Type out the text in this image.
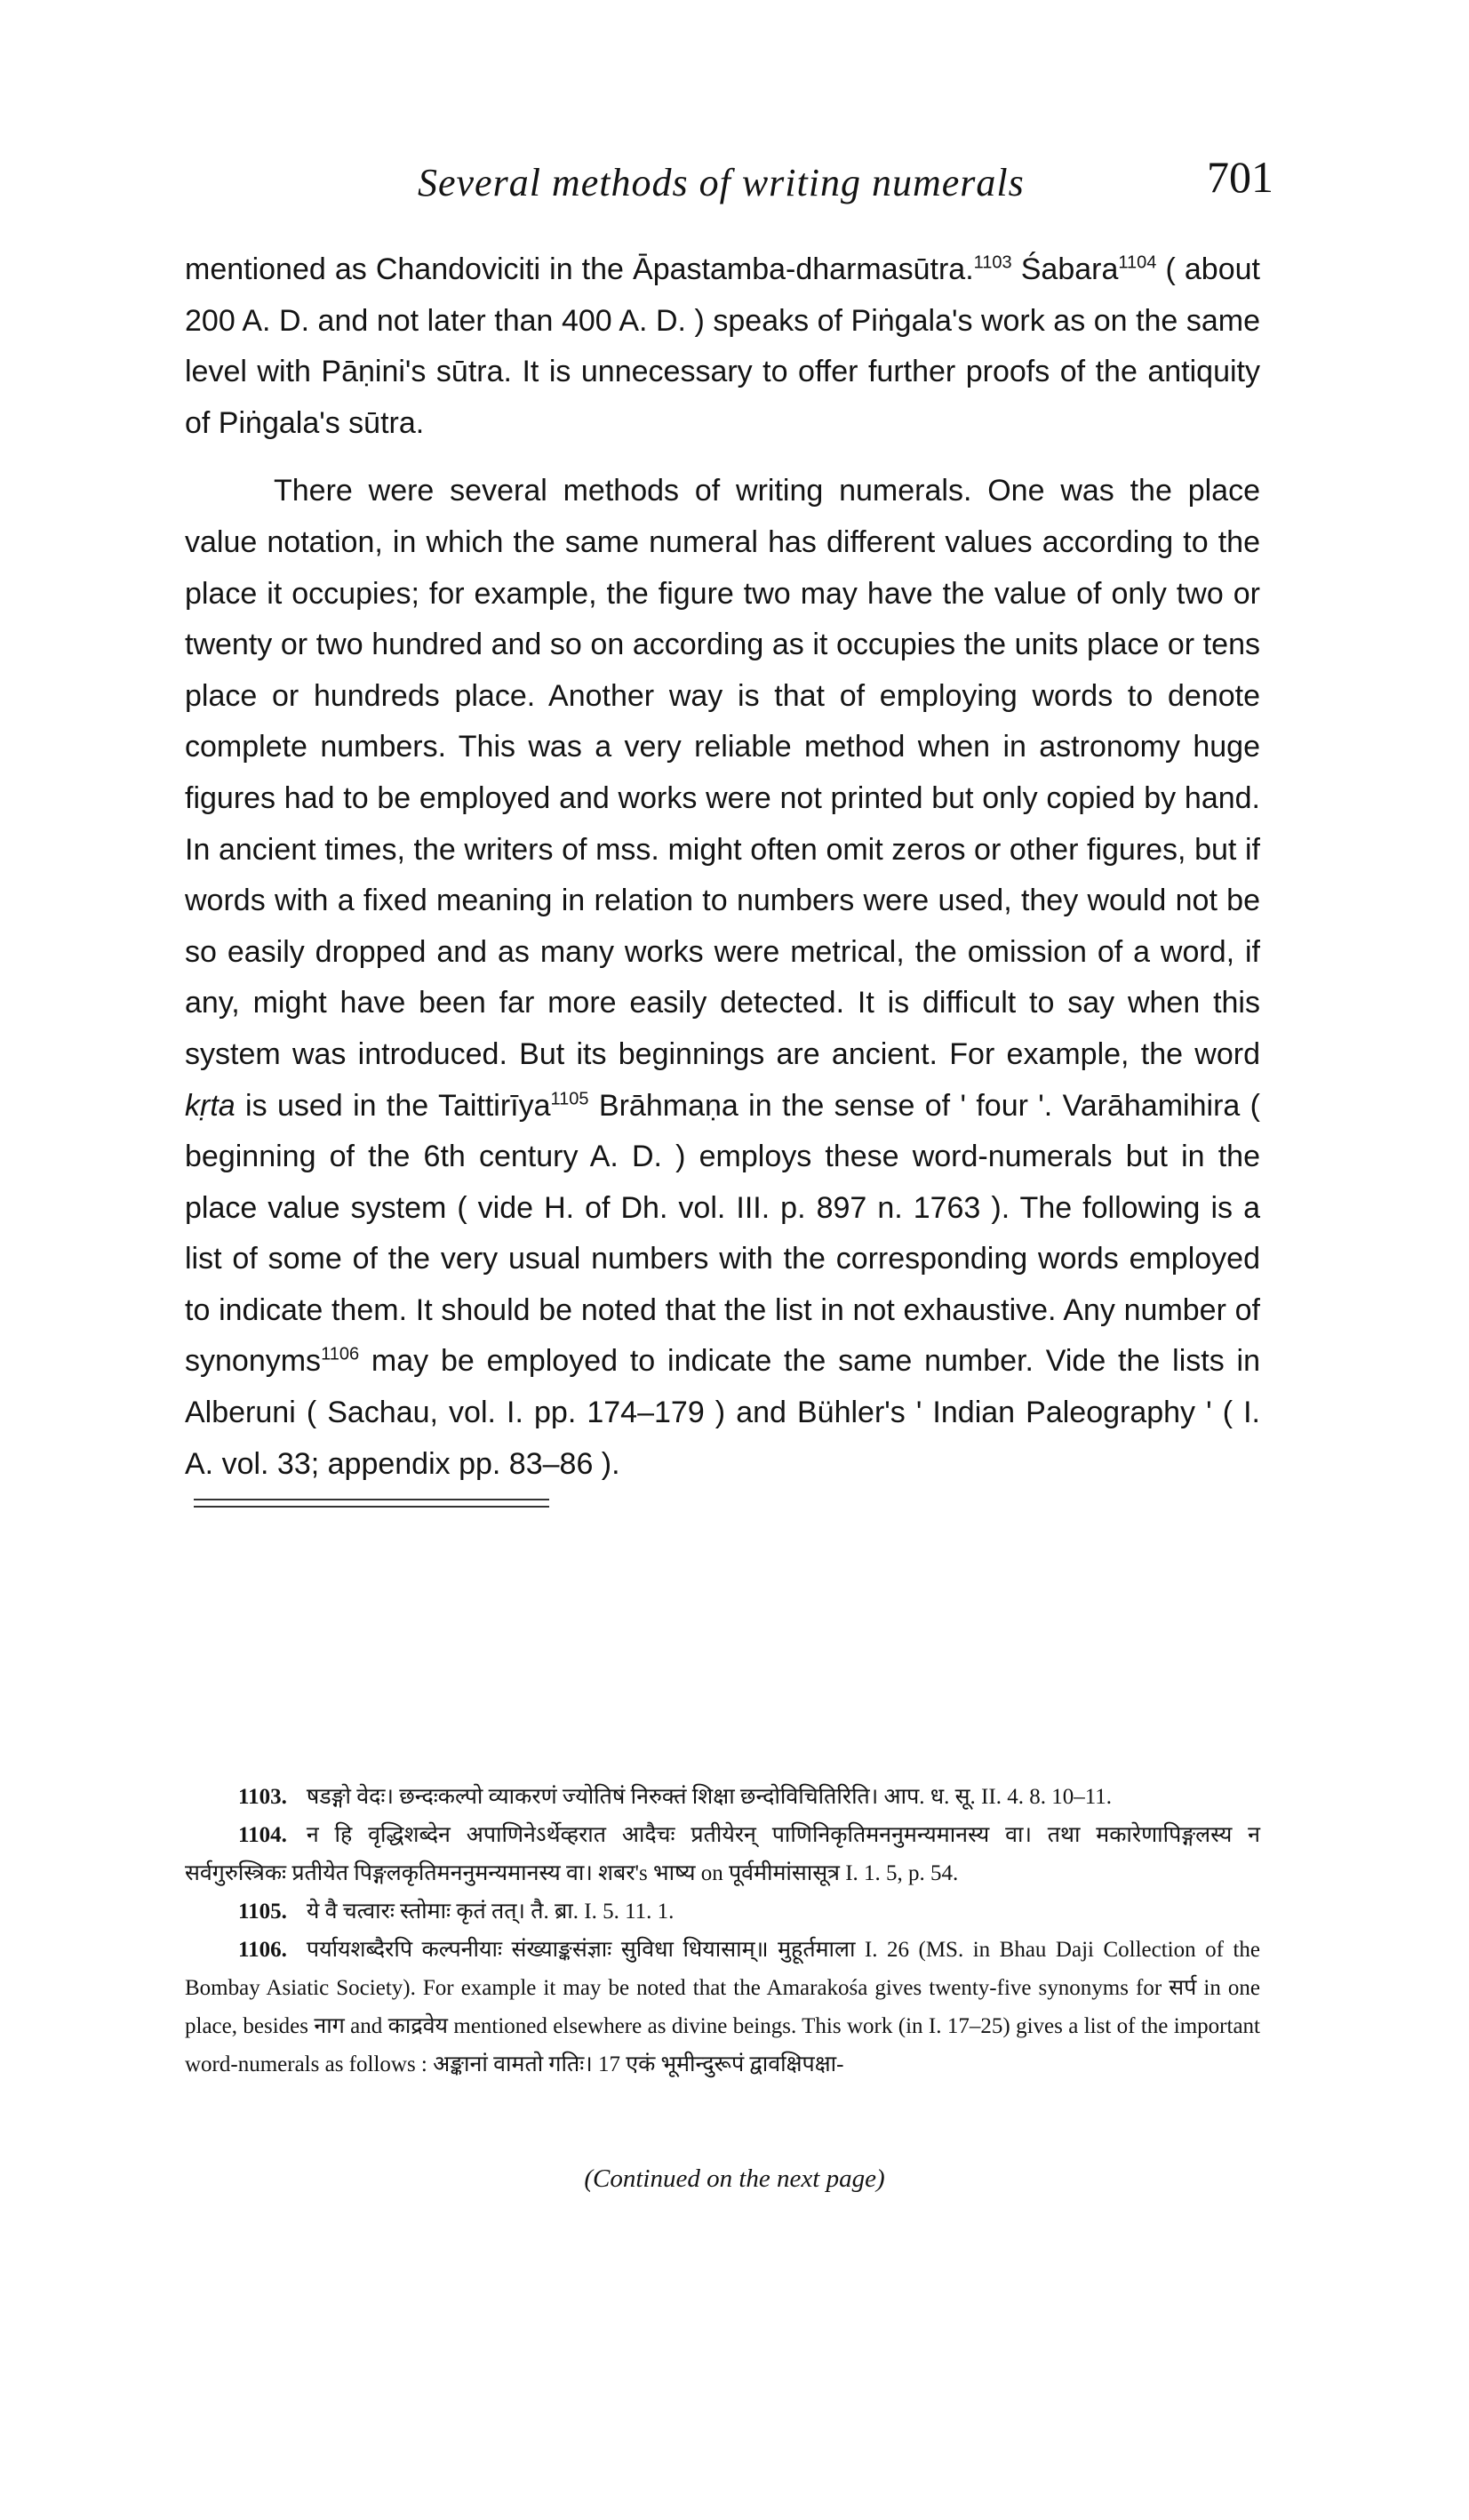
Several methods of writing numerals	701

mentioned as Chandoviciti in the Āpastamba-dharmasūtra.$^{1103}$ Śabara$^{1104}$ ( about 200 A. D. and not later than 400 A. D. ) speaks of Piṅgala's work as on the same level with Pāṇini's sūtra. It is unnecessary to offer further proofs of the antiquity of Piṅgala's sūtra.

There were several methods of writing numerals. One was the place value notation, in which the same numeral has different values according to the place it occupies; for example, the figure two may have the value of only two or twenty or two hundred and so on according as it occupies the units place or tens place or hundreds place. Another way is that of employing words to denote complete numbers. This was a very reliable method when in astronomy huge figures had to be employed and works were not printed but only copied by hand. In ancient times, the writers of mss. might often omit zeros or other figures, but if words with a fixed meaning in relation to numbers were used, they would not be so easily dropped and as many works were metrical, the omission of a word, if any, might have been far more easily detected. It is difficult to say when this system was introduced. But its beginnings are ancient. For example, the word kṛta is used in the Taittirīya$^{1105}$ Brāhmaṇa in the sense of ' four '. Varāhamihira ( beginning of the 6th century A. D. ) employs these word-numerals but in the place value system ( vide H. of Dh. vol. III. p. 897 n. 1763 ). The following is a list of some of the very usual numbers with the corresponding words employed to indicate them. It should be noted that the list in not exhaustive. Any number of synonyms$^{1106}$ may be employed to indicate the same number. Vide the lists in Alberuni ( Sachau, vol. I. pp. 174–179 ) and Bühler's ' Indian Paleography ' ( I. A. vol. 33; appendix pp. 83–86 ).

1103. षडङ्गो वेदः। छन्दःकल्पो व्याकरणं ज्योतिषं निरुक्तं शिक्षा छन्दोविचितिरिति। आप. ध. सू. II. 4. 8. 10–11.

1104. न हि वृद्धिशब्देन अपाणिनेऽर्थेव्हरात आदैचः प्रतीयेरन् पाणिनिकृतिमननुमन्यमानस्य वा। तथा मकारेणापिङ्गलस्य न सर्वगुरुस्त्रिकः प्रतीयेत पिङ्गलकृतिमननुमन्यमानस्य वा। शबर's भाष्य on पूर्वमीमांसासूत्र I. 1. 5, p. 54.

1105. ये वै चत्वारः स्तोमाः कृतं तत्। तै. ब्रा. I. 5. 11. 1.

1106. पर्यायशब्दैरपि कल्पनीयाः संख्याङ्कसंज्ञाः सुविधा धियासाम्॥ मुहूर्तमाला I. 26 (MS. in Bhau Daji Collection of the Bombay Asiatic Society). For example it may be noted that the Amarakośa gives twenty-five synonyms for सर्प in one place, besides नाग and काद्रवेय mentioned elsewhere as divine beings. This work (in I. 17–25) gives a list of the important word-numerals as follows : अङ्कानां वामतो गतिः। 17 एकं भूमीन्दुरूपं द्वावक्षिपक्षा-

(Continued on the next page)
